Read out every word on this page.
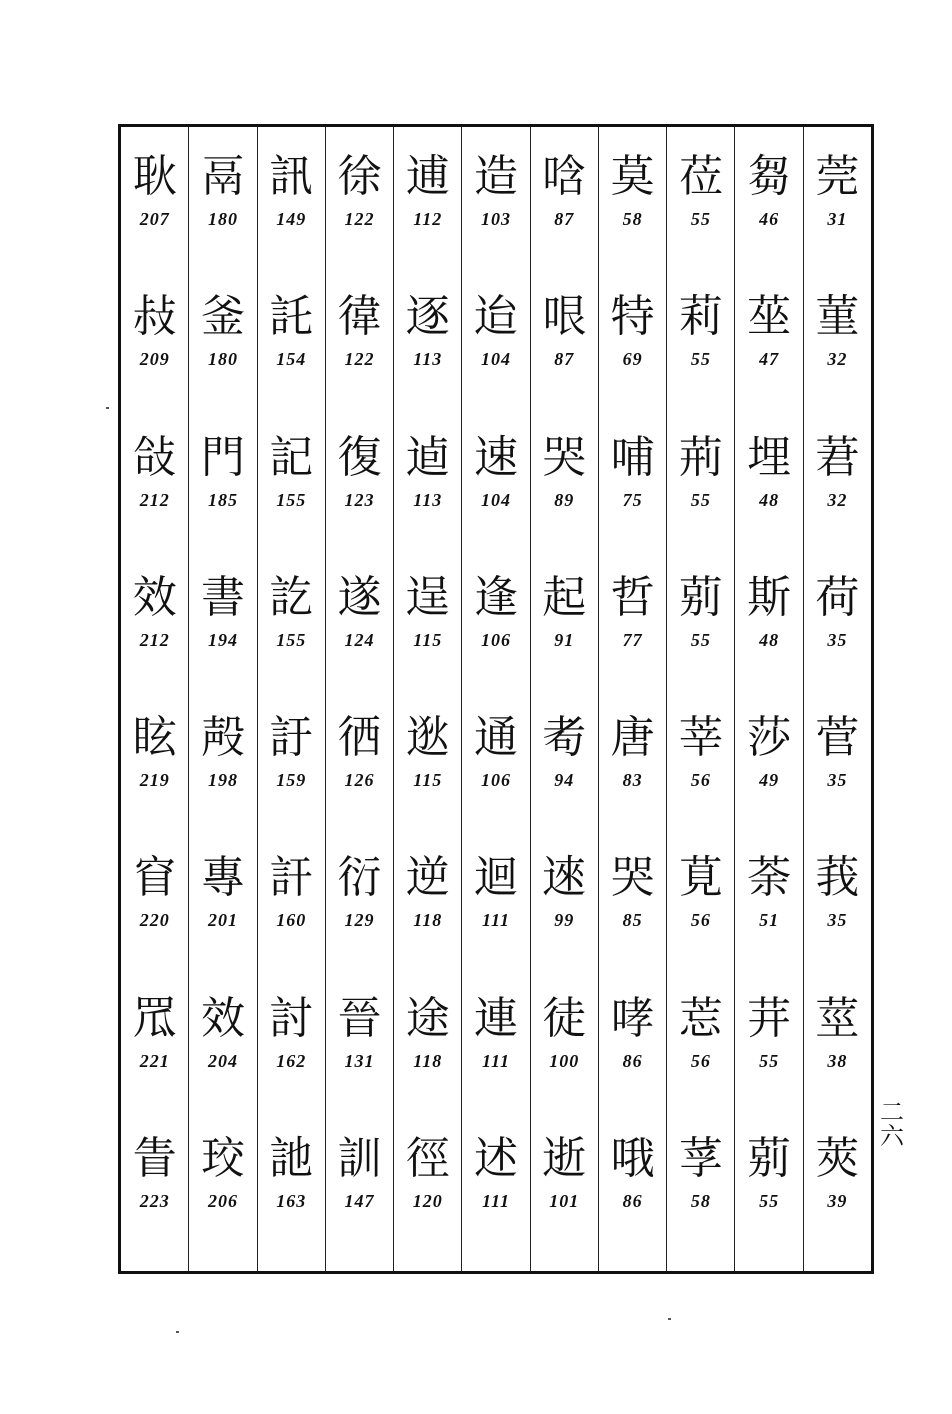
莞
31
菫
32
莙
32
荷
35
菅
35
莪
35
莖
38
莢
39
芻
46
莝
47
埋
48
斯
48
莎
49
荼
51
茾
55
莂
55
莅
55
莉
55
荊
55
莂
55
莘
56
莧
56
莣
56
莩
58
莫
58
特
69
哺
75
哲
77
唐
83
哭
85
哮
86
哦
86
唅
87
哏
87
哭
89
起
91
耇
94
逨
99
徒
100
逝
101
造
103
迨
104
速
104
逢
106
通
106
迴
111
連
111
述
111
逋
112
逐
113
逌
113
逞
115
逖
115
逆
118
途
118
徑
120
徐
122
徫
122
復
123
遂
124
徆
126
衍
129
晉
131
訓
147
訊
149
託
154
記
155
訖
155
訏
159
訐
160
討
162
訑
163
鬲
180
釜
180
門
185
書
194
殸
198
專
201
效
204
珓
206
耿
207
敊
209
敆
212
效
212
眩
219
窅
220
罛
221
眚
223
二
六
